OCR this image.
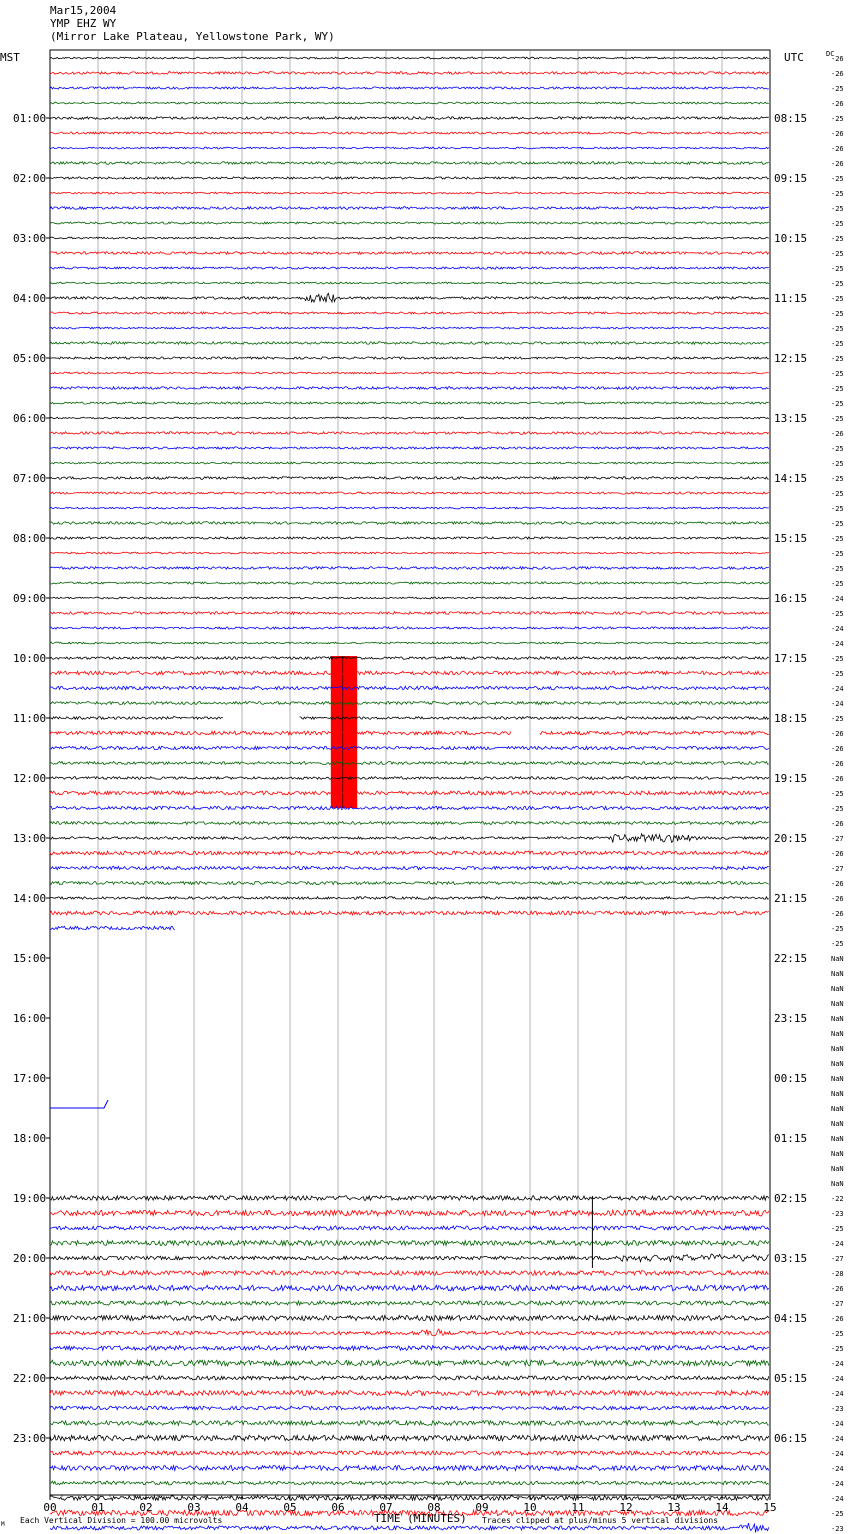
Mar15,2004
YMP EHZ WY
(Mirror Lake Plateau, Yellowstone Park, WY)
MST	UTC	DC
Each Vertical Division = 100.00 microvolts	TIME (MINUTES) Traces clipped at plus/minus 5 vertical divisions
M
00	01	02	03	04	05	06	07	08	09	10	11	12	13	14	15
01:00
02:00
03:00
04:00
05:00
06:00
07:00
08:00
09:00
10:00
11:00
12:00
13:00
14:00
15:00
16:00
17:00
18:00
19:00
20:00
21:00
22:00
23:00
08:15
09:15
10:15
11:15
12:15
13:15
14:15
15:15
16:15
17:15
18:15
19:15
20:15
21:15
22:15
23:15
00:15
01:15
02:15
03:15
04:15
05:15
06:15
-26
-26
-25
-26
-25
-26
-26
-26
-25
-25
-25
-25
-25
-25
-25
-25
-25
-25
-25
-25
-25
-25
-25
-25
-25
-26
-25
-25
-25
-25
-25
-25
-25
-25
-25
-25
-24
-25
-24
-24
-25
-25
-24
-24
-25
-26
-26
-26
-26
-25
-25
-26
-27
-26
-27
-26
-26
-26
-25
-25
NaN
NaN
NaN
NaN
NaN
NaN
NaN
NaN
NaN
NaN
NaN
NaN
NaN
NaN
NaN
NaN
-22
-23
-25
-24
-27
-28
-26
-27
-26
-25
-25
-24
-24
-24
-23
-24
-24
-24
-24
-24
-24
-25
-23
